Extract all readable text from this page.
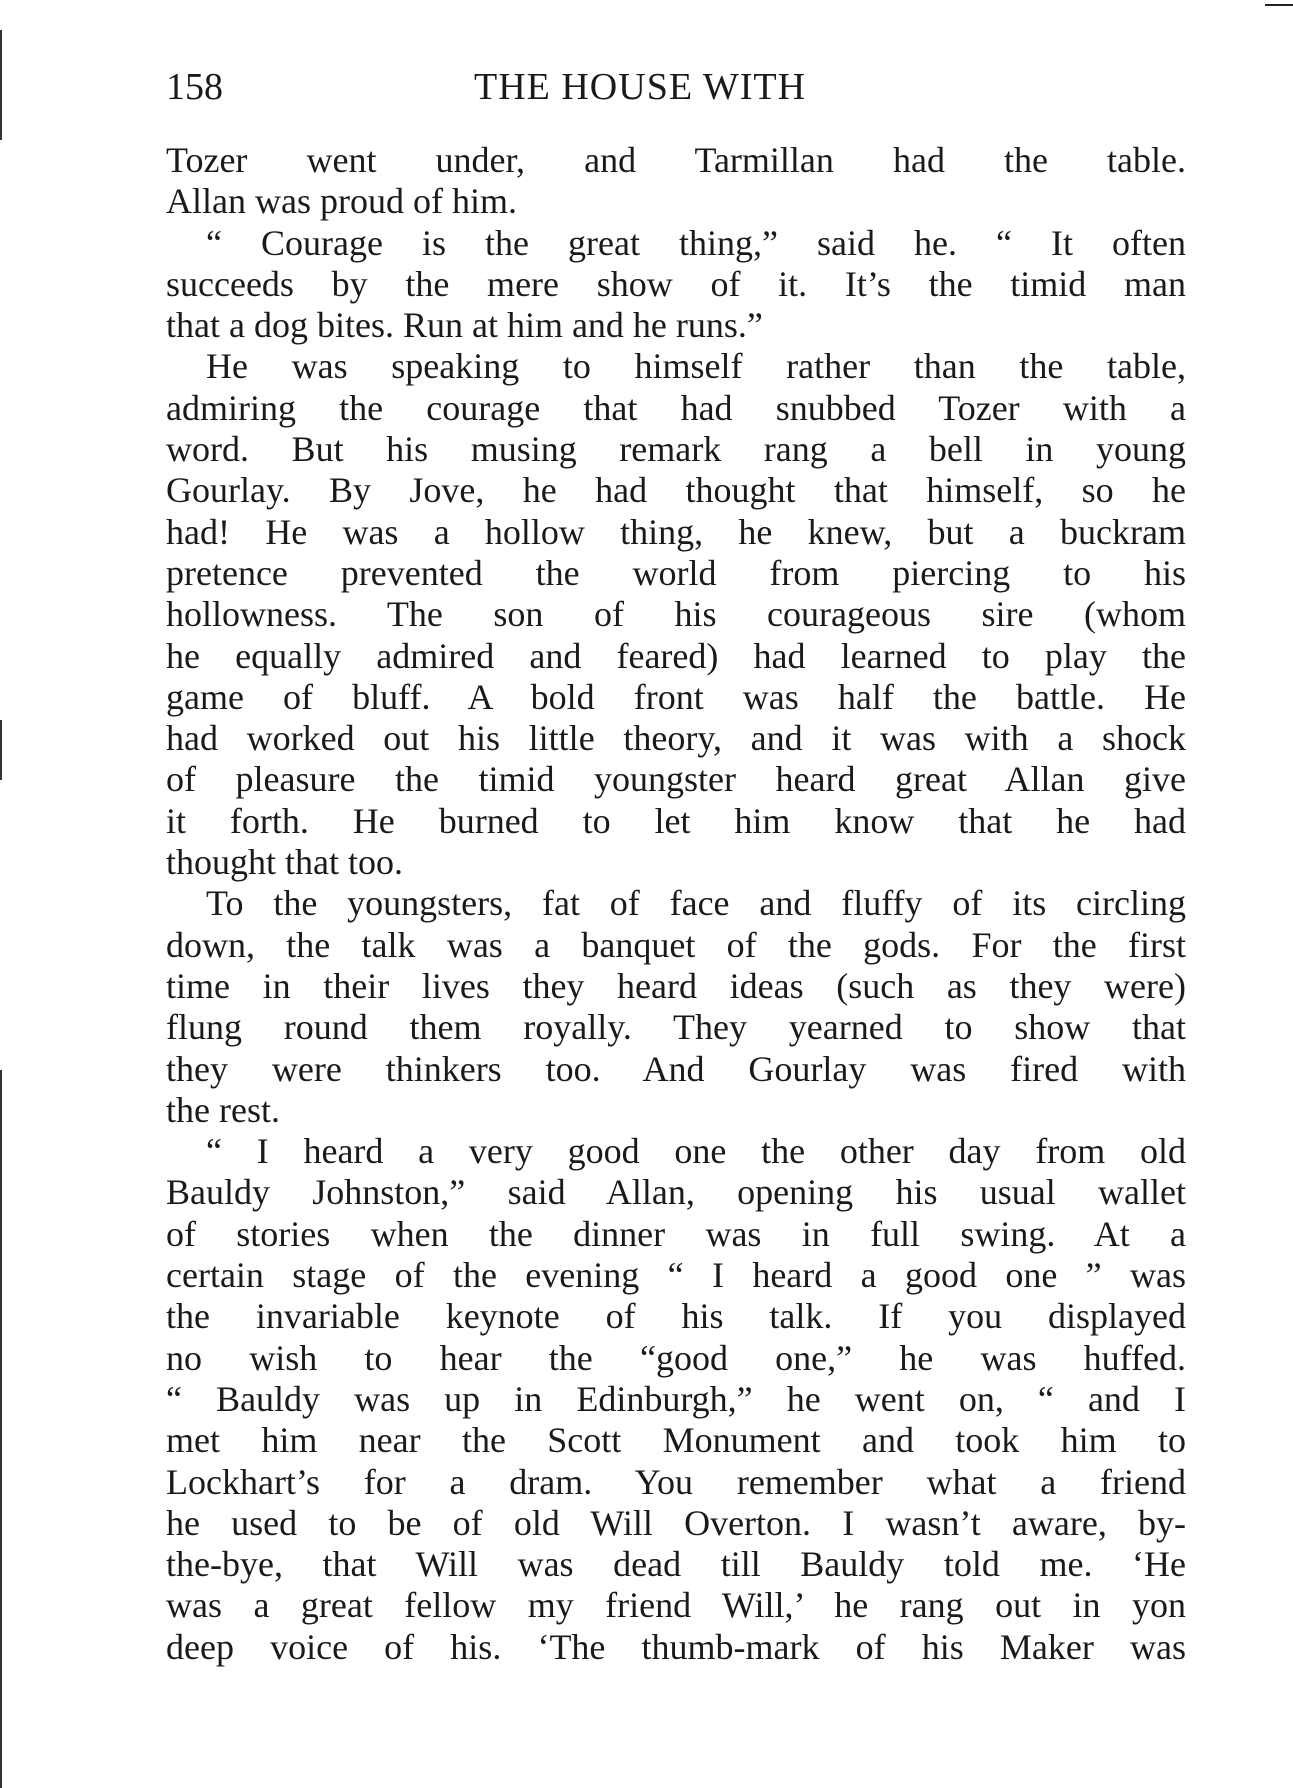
158	THE HOUSE WITH
Tozer went under, and Tarmillan had the table.
Allan was proud of him.
“ Courage is the great thing,” said he. “ It often
succeeds by the mere show of it. It’s the timid man
that a dog bites. Run at him and he runs.”
He was speaking to himself rather than the table,
admiring the courage that had snubbed Tozer with a
word. But his musing remark rang a bell in young
Gourlay. By Jove, he had thought that himself, so he
had! He was a hollow thing, he knew, but a buckram
pretence prevented the world from piercing to his
hollowness. The son of his courageous sire (whom
he equally admired and feared) had learned to play the
game of bluff. A bold front was half the battle. He
had worked out his little theory, and it was with a shock
of pleasure the timid youngster heard great Allan give
it forth. He burned to let him know that he had
thought that too.
To the youngsters, fat of face and fluffy of its circling
down, the talk was a banquet of the gods. For the first
time in their lives they heard ideas (such as they were)
flung round them royally. They yearned to show that
they were thinkers too. And Gourlay was fired with
the rest.
“ I heard a very good one the other day from old
Bauldy Johnston,” said Allan, opening his usual wallet
of stories when the dinner was in full swing. At a
certain stage of the evening “ I heard a good one ” was
the invariable keynote of his talk. If you displayed
no wish to hear the “good one,” he was huffed.
“ Bauldy was up in Edinburgh,” he went on, “ and I
met him near the Scott Monument and took him to
Lockhart’s for a dram. You remember what a friend
he used to be of old Will Overton. I wasn’t aware, by-
the-bye, that Will was dead till Bauldy told me. ‘He
was a great fellow my friend Will,’ he rang out in yon
deep voice of his. ‘The thumb-mark of his Maker was
